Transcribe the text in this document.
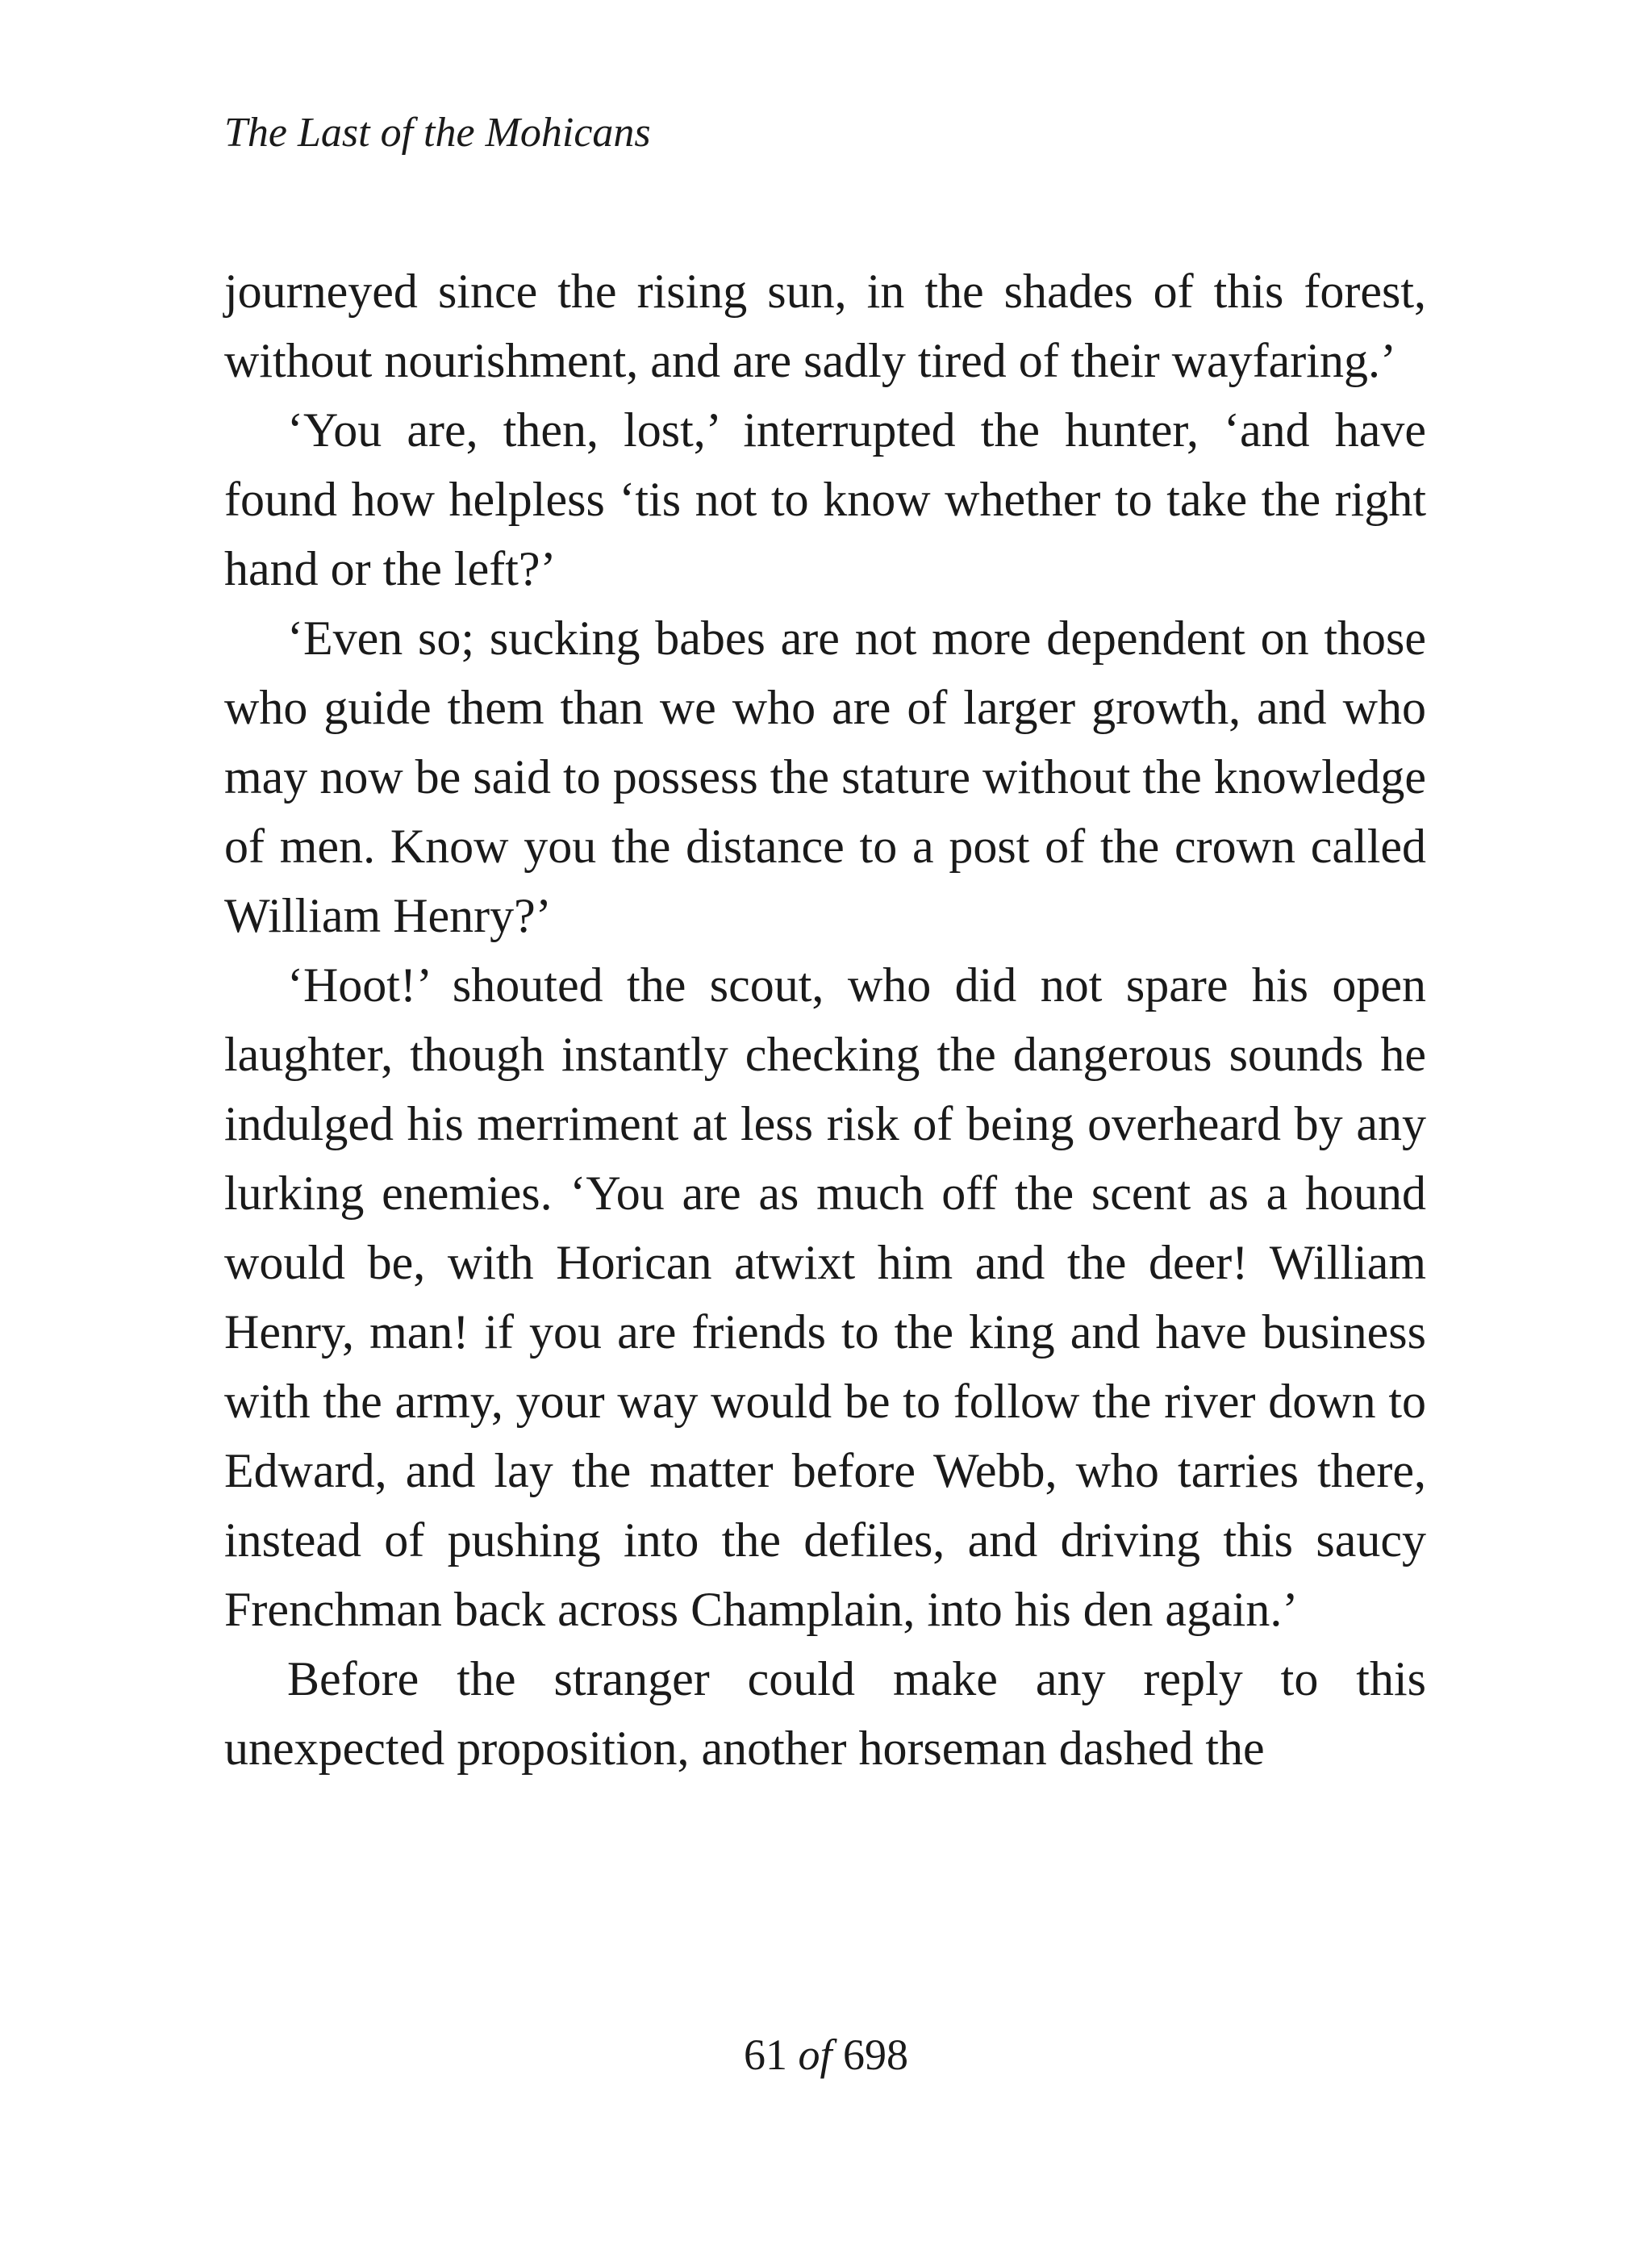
The Last of the Mohicans

journeyed since the rising sun, in the shades of this forest, without nourishment, and are sadly tired of their wayfaring.’

‘You are, then, lost,’ interrupted the hunter, ‘and have found how helpless ‘tis not to know whether to take the right hand or the left?’

‘Even so; sucking babes are not more dependent on those who guide them than we who are of larger growth, and who may now be said to possess the stature without the knowledge of men. Know you the distance to a post of the crown called William Henry?’

‘Hoot!’ shouted the scout, who did not spare his open laughter, though instantly checking the dangerous sounds he indulged his merriment at less risk of being overheard by any lurking enemies. ‘You are as much off the scent as a hound would be, with Horican atwixt him and the deer! William Henry, man! if you are friends to the king and have business with the army, your way would be to follow the river down to Edward, and lay the matter before Webb, who tarries there, instead of pushing into the defiles, and driving this saucy Frenchman back across Champlain, into his den again.’

Before the stranger could make any reply to this unexpected proposition, another horseman dashed the

61 of 698
